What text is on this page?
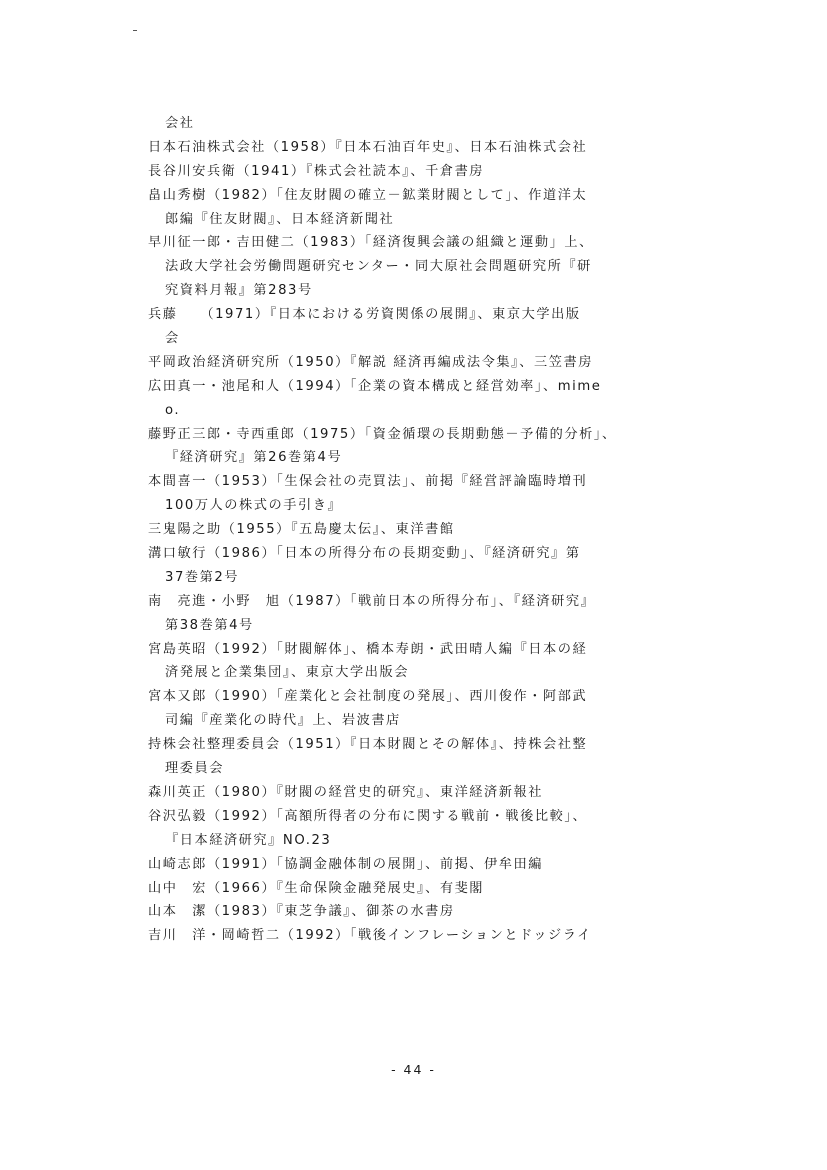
会社
日本石油株式会社（1958）『日本石油百年史』、日本石油株式会社
長谷川安兵衛（1941）『株式会社読本』、千倉書房
畠山秀樹（1982）「住友財閥の確立－鉱業財閥として」、作道洋太
郎編『住友財閥』、日本経済新聞社
早川征一郎・吉田健二（1983）「経済復興会議の組織と運動」上、
法政大学社会労働問題研究センター・同大原社会問題研究所『研
究資料月報』第283号
兵藤　　（1971）『日本における労資関係の展開』、東京大学出版
会
平岡政治経済研究所（1950）『解説 経済再編成法令集』、三笠書房
広田真一・池尾和人（1994）「企業の資本構成と経営効率」、mime
o.
藤野正三郎・寺西重郎（1975）「資金循環の長期動態－予備的分析」、
『経済研究』第26巻第4号
本間喜一（1953）「生保会社の売買法」、前掲『経営評論臨時増刊
100万人の株式の手引き』
三鬼陽之助（1955）『五島慶太伝』、東洋書館
溝口敏行（1986）「日本の所得分布の長期変動」、『経済研究』第
37巻第2号
南　亮進・小野　旭（1987）「戦前日本の所得分布」、『経済研究』
第38巻第4号
宮島英昭（1992）「財閥解体」、橋本寿朗・武田晴人編『日本の経
済発展と企業集団』、東京大学出版会
宮本又郎（1990）「産業化と会社制度の発展」、西川俊作・阿部武
司編『産業化の時代』上、岩波書店
持株会社整理委員会（1951）『日本財閥とその解体』、持株会社整
理委員会
森川英正（1980）『財閥の経営史的研究』、東洋経済新報社
谷沢弘毅（1992）「高額所得者の分布に関する戦前・戦後比較」、
『日本経済研究』NO.23
山崎志郎（1991）「協調金融体制の展開」、前掲、伊牟田編
山中　宏（1966）『生命保険金融発展史』、有斐閣
山本　潔（1983）『東芝争議』、御茶の水書房
吉川　洋・岡崎哲二（1992）「戦後インフレーションとドッジライ
- 44 -
